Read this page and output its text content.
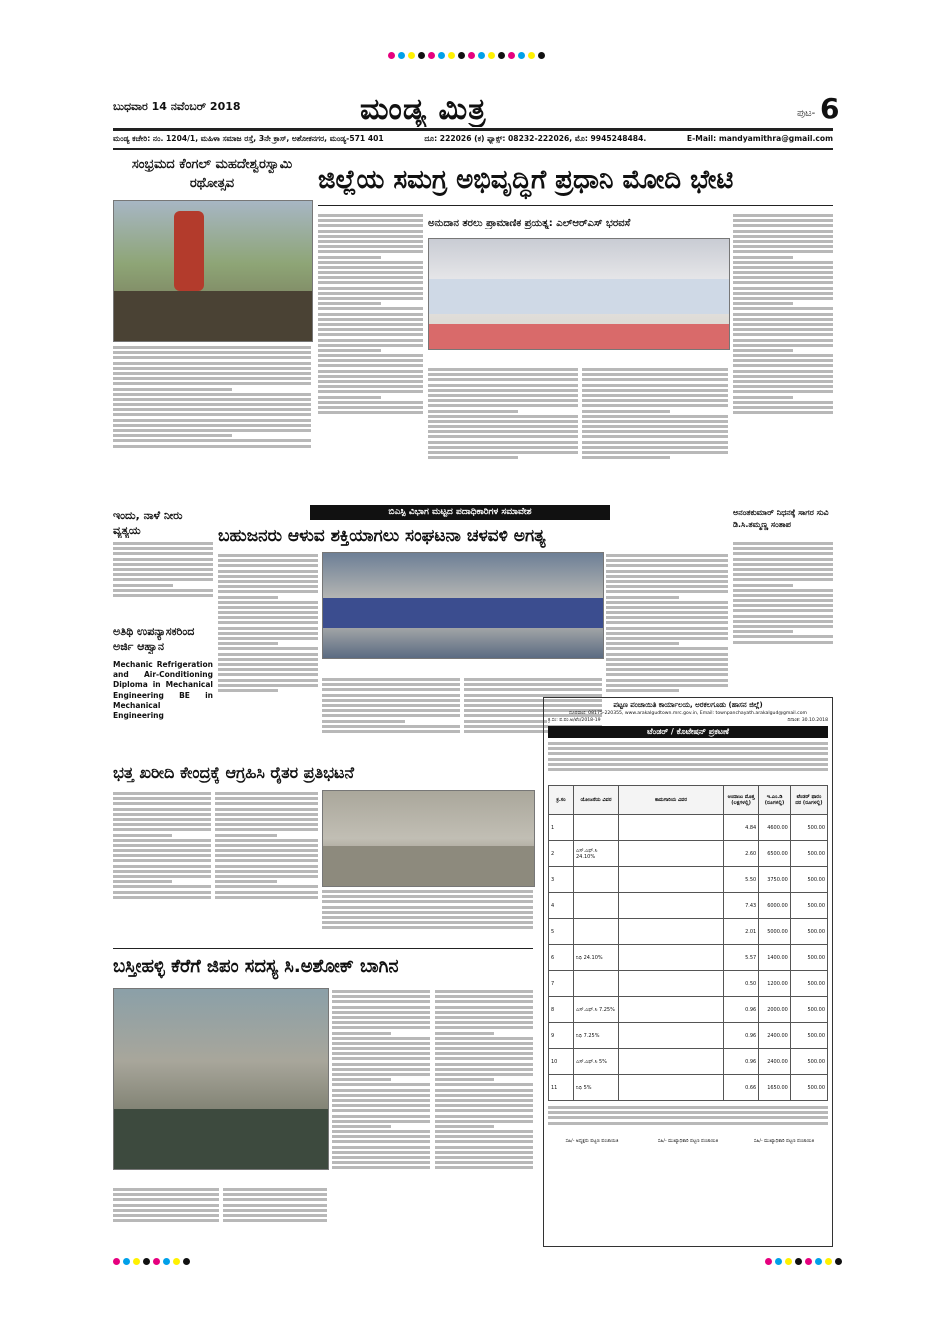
ಬುಧವಾರ 14 ನವೆಂಬರ್ 2018	ಮಂಡ್ಯ ಮಿತ್ರ	ಪುಟ- 6
ಮಂಡ್ಯ ಕಚೇರಿ: ನಂ. 1204/1, ಮಹಿಳಾ ಸಮಾಜ ರಸ್ತೆ, 3ನೇ ಕ್ರಾಸ್, ಅಶೋಕನಗರ, ಮಂಡ್ಯ-571 401	ದೂ: 222026 (ಕ) ಫ್ಯಾಕ್ಸ್: 08232-222026, ಮೊ: 9945248484.	E-Mail: mandyamithra@gmail.com
ಸಂಭ್ರಮದ ಕೆಂಗಲ್ ಮಹದೇಶ್ವರಸ್ವಾಮಿ ರಥೋತ್ಸವ	ಜಿಲ್ಲೆಯ ಸಮಗ್ರ ಅಭಿವೃದ್ಧಿಗೆ ಪ್ರಧಾನಿ ಮೋದಿ ಭೇಟಿ
ಅನುದಾನ ತರಲು ಪ್ರಾಮಾಣಿಕ ಪ್ರಯತ್ನ: ಎಲ್‌ಆರ್‌ಎಸ್ ಭರವಸೆ
ಇಂದು, ನಾಳೆ ನೀರು ವ್ಯತ್ಯಯ
ಅತಿಥಿ ಉಪನ್ಯಾಸಕರಿಂದ ಅರ್ಜಿ ಆಹ್ವಾನ
Mechanic Refrigeration and Air-Conditioning Diploma in Mechanical Engineering BE in Mechanical Engineering
ಬಿಎಸ್ಪಿ ವಿಭಾಗ ಮಟ್ಟದ ಪದಾಧಿಕಾರಿಗಳ ಸಮಾವೇಶ
ಬಹುಜನರು ಆಳುವ ಶಕ್ತಿಯಾಗಲು ಸಂಘಟನಾ ಚಳವಳಿ ಅಗತ್ಯ
ಅನಂತಕುಮಾರ್ ನಿಧನಕ್ಕೆ ಸಾಗರ ಸುವಿ ಡಿ.ಸಿ.ತಮ್ಮಣ್ಣ ಸಂತಾಪ
ಭತ್ತ ಖರೀದಿ ಕೇಂದ್ರಕ್ಕೆ ಆಗ್ರಹಿಸಿ ರೈತರ ಪ್ರತಿಭಟನೆ
ಬಸ್ತೀಹಳ್ಳಿ ಕೆರೆಗೆ ಜಿಪಂ ಸದಸ್ಯ ಸಿ.ಅಶೋಕ್ ಬಾಗಿನ
ಪಟ್ಟಣ ಪಂಚಾಯಿತಿ ಕಾರ್ಯಾಲಯ, ಅರಕಲಗೂಡು (ಹಾಸನ ಜಿಲ್ಲೆ)
ದೂರವಾಣಿ: 08175-220355, www.arakalgudtown.mrc.gov.in, Email: townpanchayath.arakalgud@gmail.com
ಕ್ರ.ಸಂ: ಪ.ಪಂ.ಅ/ಟೆಂ/2018-19	ದಿನಾಂಕ: 30.10.2018
ಟೆಂಡರ್ / ಕೊಟೇಷನ್ ಪ್ರಕಟಣೆ
ಕ್ರ.ಸಂ	ಯೋಜನೆಯ ವಿವರ	ಕಾಮಗಾರಿಯ ವಿವರ	ಅಂದಾಜು ಮೊತ್ತ (ಲಕ್ಷಗಳಲ್ಲಿ)	ಇ.ಎಂ.ಡಿ (ರೂಗಳಲ್ಲಿ)	ಟೆಂಡರ್ ಫಾರಂ ದರ (ರೂಗಳಲ್ಲಿ)
1			4.84	4600.00	500.00
2	ಎಸ್.ಎಫ್.ಸಿ 24.10%		2.60	6500.00	500.00
3			5.50	3750.00	500.00
4			7.43	6000.00	500.00
5			2.01	5000.00	500.00
6	ನಿಧಿ 24.10%		5.57	1400.00	500.00
7			0.50	1200.00	500.00
8	ಎಸ್.ಎಫ್.ಸಿ 7.25%		0.96	2000.00	500.00
9	ನಿಧಿ 7.25%		0.96	2400.00	500.00
10	ಎಸ್.ಎಫ್.ಸಿ 5%		0.96	2400.00	500.00
11	ನಿಧಿ 5%		0.66	1650.00	500.00
ಸಹಿ/- ಅಧ್ಯಕ್ಷರು ಪಟ್ಟಣ ಪಂಚಾಯಿತಿ	ಸಹಿ/- ಮುಖ್ಯಾಧಿಕಾರಿ ಪಟ್ಟಣ ಪಂಚಾಯಿತಿ	ಸಹಿ/- ಮುಖ್ಯಾಧಿಕಾರಿ ಪಟ್ಟಣ ಪಂಚಾಯಿತಿ
